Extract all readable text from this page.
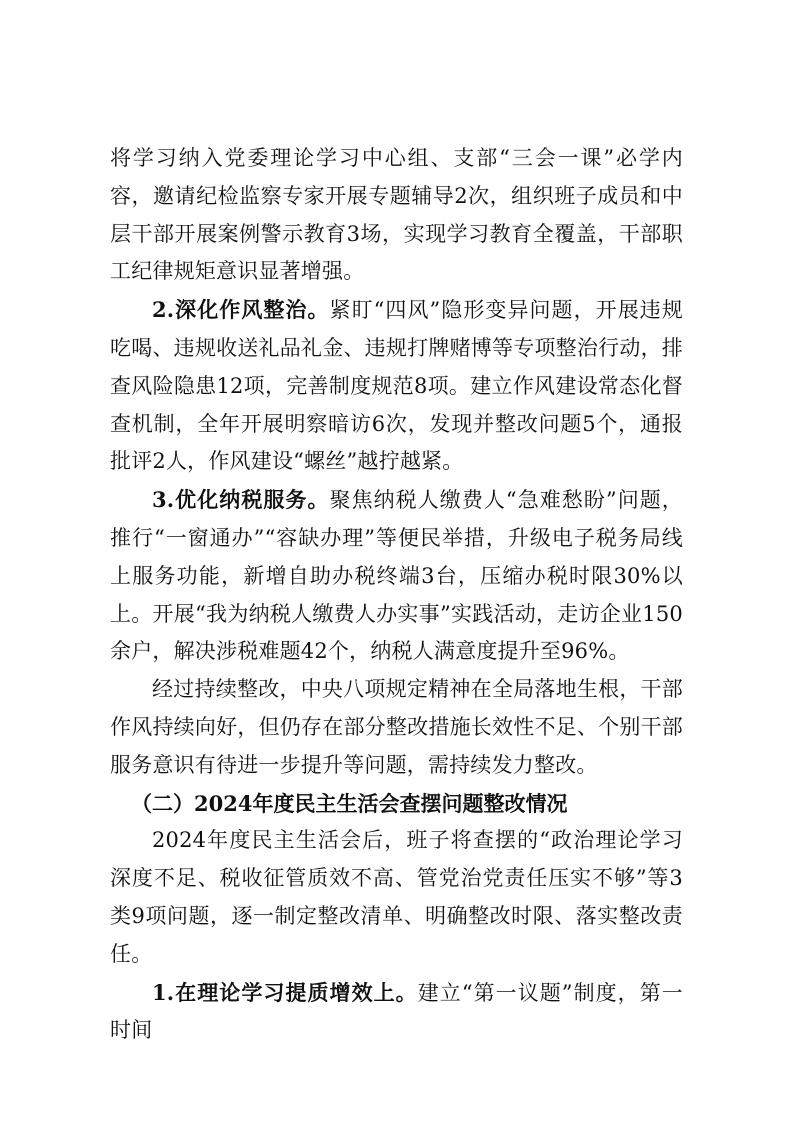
将学习纳入党委理论学习中心组、支部“三会一课”必学内容，邀请纪检监察专家开展专题辅导2次，组织班子成员和中层干部开展案例警示教育3场，实现学习教育全覆盖，干部职工纪律规矩意识显著增强。

2.深化作风整治。紧盯“四风”隐形变异问题，开展违规吃喝、违规收送礼品礼金、违规打牌赌博等专项整治行动，排查风险隐患12项，完善制度规范8项。建立作风建设常态化督查机制，全年开展明察暗访6次，发现并整改问题5个，通报批评2人，作风建设“螺丝”越拧越紧。

3.优化纳税服务。聚焦纳税人缴费人“急难愁盼”问题，推行“一窗通办”“容缺办理”等便民举措，升级电子税务局线上服务功能，新增自助办税终端3台，压缩办税时限30%以上。开展“我为纳税人缴费人办实事”实践活动，走访企业150余户，解决涉税难题42个，纳税人满意度提升至96%。

经过持续整改，中央八项规定精神在全局落地生根，干部作风持续向好，但仍存在部分整改措施长效性不足、个别干部服务意识有待进一步提升等问题，需持续发力整改。

（二）2024年度民主生活会查摆问题整改情况

2024年度民主生活会后，班子将查摆的“政治理论学习深度不足、税收征管质效不高、管党治党责任压实不够”等3类9项问题，逐一制定整改清单、明确整改时限、落实整改责任。

1.在理论学习提质增效上。建立“第一议题”制度，第一时间
